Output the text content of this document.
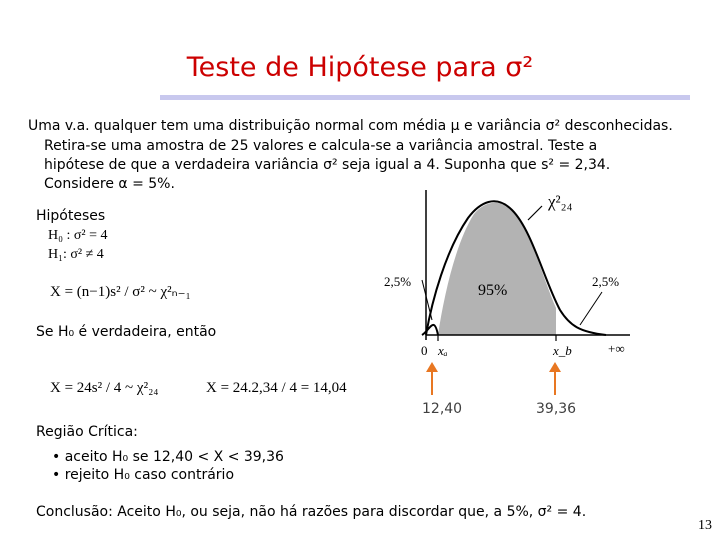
Teste de Hipótese para σ²
Uma v.a. qualquer tem uma distribuição normal com média μ e variância σ² desconhecidas.
Retira-se uma amostra de 25 valores e calcula-se a variância amostral. Teste a
hipótese de que a verdadeira variância σ² seja igual a 4. Suponha que s² = 2,34.
Considere α = 5%.
Hipóteses
H₀ : σ² = 4
H₁: σ² ≠ 4
X = (n−1)s² / σ² ~ χ²ₙ₋₁
Se H₀ é verdadeira, então
X = 24s² / 4 ~ χ²₂₄	X = 24.2,34 / 4 = 14,04
Região Crítica:
• aceito H₀ se 12,40 < X < 39,36
• rejeito H₀ caso contrário
Conclusão: Aceito H₀, ou seja, não há razões para discordar que, a 5%, σ² = 4.
13
χ²₂₄
2,5%
95%
2,5%
0 xₐ	x_b	+∞
12,40	39,36
